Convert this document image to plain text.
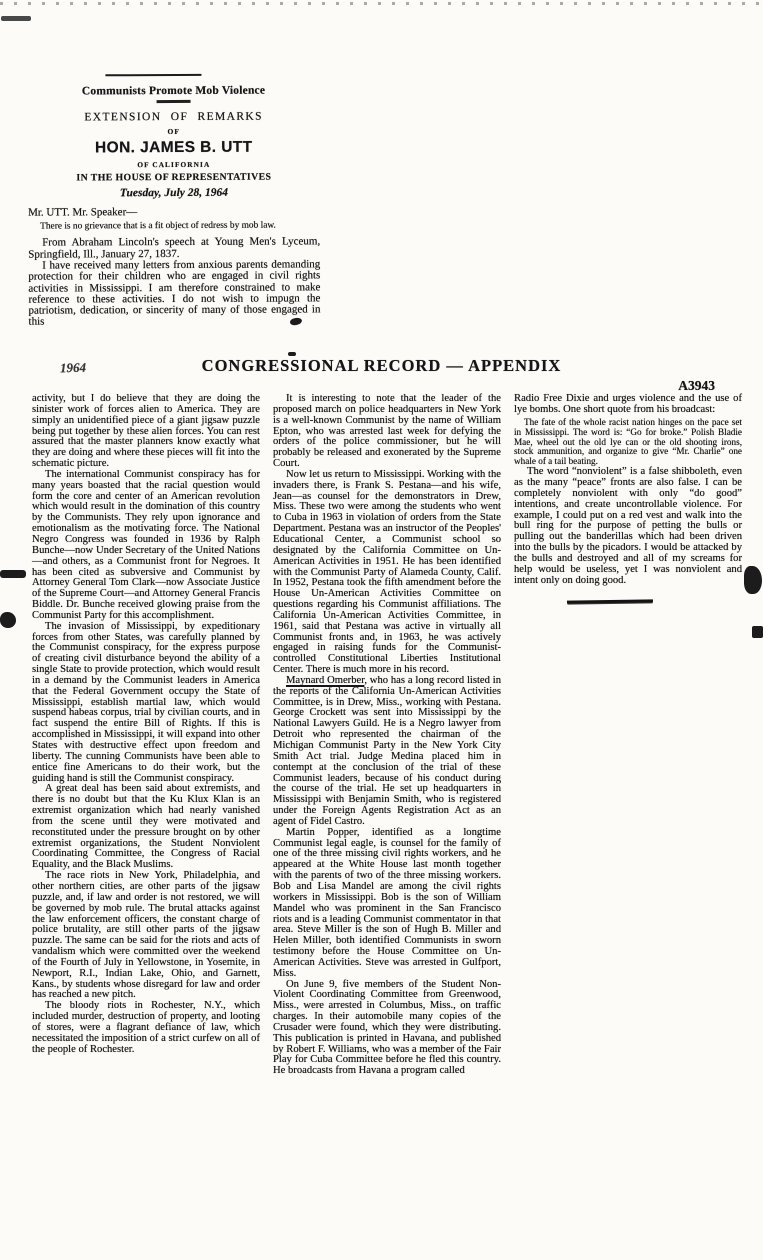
Communists Promote Mob Violence
EXTENSION OF REMARKS
OF
HON. JAMES B. UTT
OF CALIFORNIA
IN THE HOUSE OF REPRESENTATIVES
Tuesday, July 28, 1964
Mr. UTT. Mr. Speaker—

There is no grievance that is a fit object of redress by mob law.

From Abraham Lincoln's speech at Young Men's Lyceum, Springfield, Ill., January 27, 1837.

I have received many letters from anxious parents demanding protection for their children who are engaged in civil rights activities in Mississippi. I am therefore constrained to make reference to these activities. I do not wish to impugn the patriotism, dedication, or sincerity of many of those engaged in this

1964	CONGRESSIONAL RECORD — APPENDIX
A3943

activity, but I do believe that they are doing the sinister work of forces alien to America. They are simply an unidentified piece of a giant jigsaw puzzle being put together by these alien forces. You can rest assured that the master planners know exactly what they are doing and where these pieces will fit into the schematic picture.

The international Communist conspiracy has for many years boasted that the racial question would form the core and center of an American revolution which would result in the domination of this country by the Communists. They rely upon ignorance and emotionalism as the motivating force. The National Negro Congress was founded in 1936 by Ralph Bunche—now Under Secretary of the United Nations—and others, as a Communist front for Negroes. It has been cited as subversive and Communist by Attorney General Tom Clark—now Associate Justice of the Supreme Court—and Attorney General Francis Biddle. Dr. Bunche received glowing praise from the Communist Party for this accomplishment.

The invasion of Mississippi, by expeditionary forces from other States, was carefully planned by the Communist conspiracy, for the express purpose of creating civil disturbance beyond the ability of a single State to provide protection, which would result in a demand by the Communist leaders in America that the Federal Government occupy the State of Mississippi, establish martial law, which would suspend habeas corpus, trial by civilian courts, and in fact suspend the entire Bill of Rights. If this is accomplished in Mississippi, it will expand into other States with destructive effect upon freedom and liberty. The cunning Communists have been able to entice fine Americans to do their work, but the guiding hand is still the Communist conspiracy.

A great deal has been said about extremists, and there is no doubt but that the Ku Klux Klan is an extremist organization which had nearly vanished from the scene until they were motivated and reconstituted under the pressure brought on by other extremist organizations, the Student Nonviolent Coordinating Committee, the Congress of Racial Equality, and the Black Muslims.

The race riots in New York, Philadelphia, and other northern cities, are other parts of the jigsaw puzzle, and, if law and order is not restored, we will be governed by mob rule. The brutal attacks against the law enforcement officers, the constant charge of police brutality, are still other parts of the jigsaw puzzle. The same can be said for the riots and acts of vandalism which were committed over the weekend of the Fourth of July in Yellowstone, in Yosemite, in Newport, R.I., Indian Lake, Ohio, and Garnett, Kans., by students whose disregard for law and order has reached a new pitch.

The bloody riots in Rochester, N.Y., which included murder, destruction of property, and looting of stores, were a flagrant defiance of law, which necessitated the imposition of a strict curfew on all of the people of Rochester.

It is interesting to note that the leader of the proposed march on police headquarters in New York is a well-known Communist by the name of William Epton, who was arrested last week for defying the orders of the police commissioner, but he will probably be released and exonerated by the Supreme Court.

Now let us return to Mississippi. Working with the invaders there, is Frank S. Pestana—and his wife, Jean—as counsel for the demonstrators in Drew, Miss. These two were among the students who went to Cuba in 1963 in violation of orders from the State Department. Pestana was an instructor of the Peoples' Educational Center, a Communist school so designated by the California Committee on Un-American Activities in 1951. He has been identified with the Communist Party of Alameda County, Calif. In 1952, Pestana took the fifth amendment before the House Un-American Activities Committee on questions regarding his Communist affiliations. The California Un-American Activities Committee, in 1961, said that Pestana was active in virtually all Communist fronts and, in 1963, he was actively engaged in raising funds for the Communist-controlled Constitutional Liberties Institutional Center. There is much more in his record.

Maynard Omerber, who has a long record listed in the reports of the California Un-American Activities Committee, is in Drew, Miss., working with Pestana. George Crockett was sent into Mississippi by the National Lawyers Guild. He is a Negro lawyer from Detroit who represented the chairman of the Michigan Communist Party in the New York City Smith Act trial. Judge Medina placed him in contempt at the conclusion of the trial of these Communist leaders, because of his conduct during the course of the trial. He set up headquarters in Mississippi with Benjamin Smith, who is registered under the Foreign Agents Registration Act as an agent of Fidel Castro.

Martin Popper, identified as a longtime Communist legal eagle, is counsel for the family of one of the three missing civil rights workers, and he appeared at the White House last month together with the parents of two of the three missing workers. Bob and Lisa Mandel are among the civil rights workers in Mississippi. Bob is the son of William Mandel who was prominent in the San Francisco riots and is a leading Communist commentator in that area. Steve Miller is the son of Hugh B. Miller and Helen Miller, both identified Communists in sworn testimony before the House Committee on Un-American Activities. Steve was arrested in Gulfport, Miss.

On June 9, five members of the Student Non-Violent Coordinating Committee from Greenwood, Miss., were arrested in Columbus, Miss., on traffic charges. In their automobile many copies of the Crusader were found, which they were distributing. This publication is printed in Havana, and published by Robert F. Williams, who was a member of the Fair Play for Cuba Committee before he fled this country. He broadcasts from Havana a program called

Radio Free Dixie and urges violence and the use of lye bombs. One short quote from his broadcast:

The fate of the whole racist nation hinges on the pace set in Mississippi. The word is: “Go for broke.” Polish Bladie Mae, wheel out the old lye can or the old shooting irons, stock ammunition, and organize to give “Mr. Charlie” one whale of a tail beating.

The word “nonviolent” is a false shibboleth, even as the many “peace” fronts are also false. I can be completely nonviolent with only “do good” intentions, and create uncontrollable violence. For example, I could put on a red vest and walk into the bull ring for the purpose of petting the bulls or pulling out the banderillas which had been driven into the bulls by the picadors. I would be attacked by the bulls and destroyed and all of my screams for help would be useless, yet I was nonviolent and intent only on doing good.
